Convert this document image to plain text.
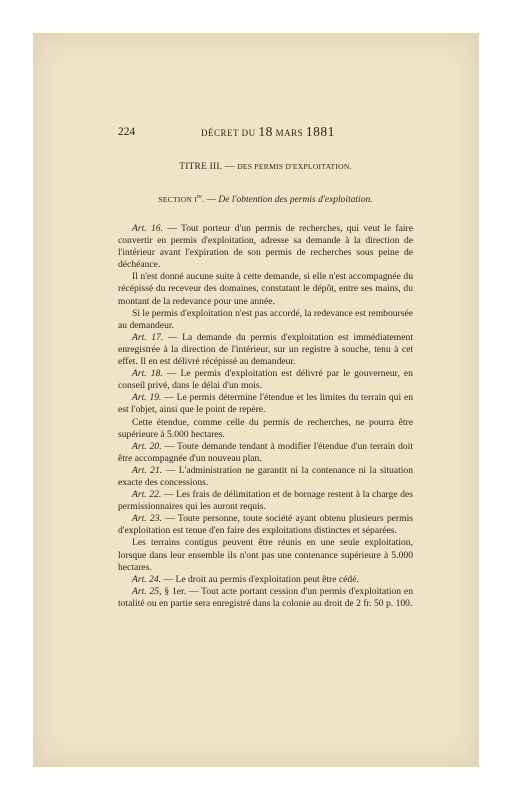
224	DÉCRET DU 18 MARS 1881
TITRE III. — DES PERMIS D'EXPLOITATION.
SECTION Ire. — De l'obtention des permis d'exploitation.

Art. 16. — Tout porteur d'un permis de recherches, qui veut le faire convertir en permis d'exploitation, adresse sa demande à la direction de l'intérieur avant l'expiration de son permis de recherches sous peine de déchéance.

Il n'est donné aucune suite à cette demande, si elle n'est accompagnée du récépissé du receveur des domaines, constatant le dépôt, entre ses mains, du montant de la redevance pour une année.

Si le permis d'exploitation n'est pas accordé, la redevance est remboursée au demandeur.

Art. 17. — La demande du permis d'exploitation est immédiatement enregistrée à la direction de l'intérieur, sur un registre à souche, tenu à cet effet. Il en est délivré récépissé au demandeur.

Art. 18. — Le permis d'exploitation est délivré par le gouverneur, en conseil privé, dans le délai d'un mois.

Art. 19. — Le permis détermine l'étendue et les limites du terrain qui en est l'objet, ainsi que le point de repère.

Cette étendue, comme celle du permis de recherches, ne pourra être supérieure à 5.000 hectares.

Art. 20. — Toute demande tendant à modifier l'étendue d'un terrain doit être accompagnée d'un nouveau plan.

Art. 21. — L'administration ne garantit ni la contenance ni la situation exacte des concessions.

Art. 22. — Les frais de délimitation et de bornage restent à la charge des permissionnaires qui les auront requis.

Art. 23. — Toute personne, toute société ayant obtenu plusieurs permis d'exploitation est tenue d'en faire des exploitations distinctes et séparées.

Les terrains contigus peuvent être réunis en une seule exploitation, lorsque dans leur ensemble ils n'ont pas une contenance supérieure à 5.000 hectares.

Art. 24. — Le droit au permis d'exploitation peut être cédé.

Art. 25, § 1er. — Tout acte portant cession d'un permis d'exploitation en totalité ou en partie sera enregistré dans la colonie au droit de 2 fr. 50 p. 100.
